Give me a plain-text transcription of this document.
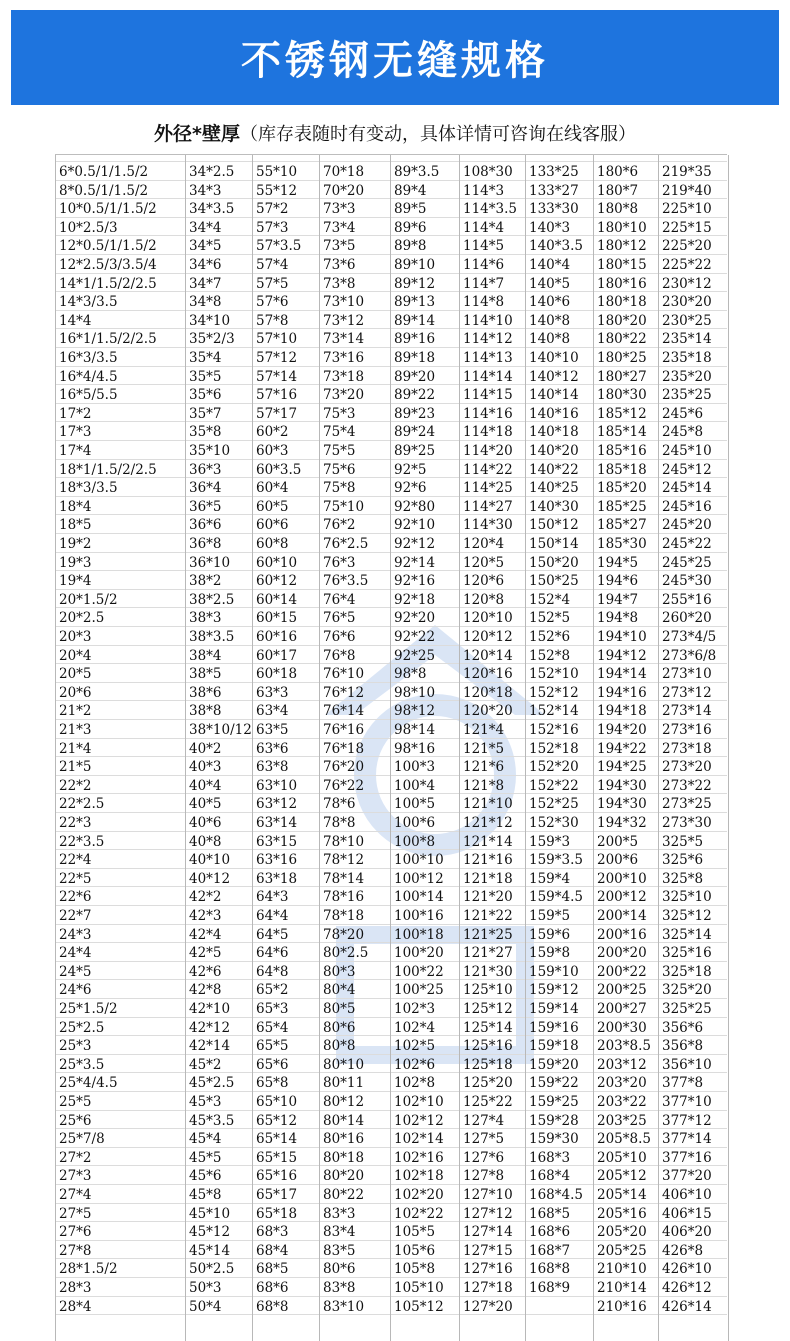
不锈钢无缝规格
外径*壁厚（库存表随时有变动，具体详情可咨询在线客服）
6*0.5/1/1.5/2
8*0.5/1/1.5/2
10*0.5/1/1.5/2
10*2.5/3
12*0.5/1/1.5/2
12*2.5/3/3.5/4
14*1/1.5/2/2.5
14*3/3.5
14*4
16*1/1.5/2/2.5
16*3/3.5
16*4/4.5
16*5/5.5
17*2
17*3
17*4
18*1/1.5/2/2.5
18*3/3.5
18*4
18*5
19*2
19*3
19*4
20*1.5/2
20*2.5
20*3
20*4
20*5
20*6
21*2
21*3
21*4
21*5
22*2
22*2.5
22*3
22*3.5
22*4
22*5
22*6
22*7
24*3
24*4
24*5
24*6
25*1.5/2
25*2.5
25*3
25*3.5
25*4/4.5
25*5
25*6
25*7/8
27*2
27*3
27*4
27*5
27*6
27*8
28*1.5/2
28*3
28*4
34*2.5
34*3
34*3.5
34*4
34*5
34*6
34*7
34*8
34*10
35*2/3
35*4
35*5
35*6
35*7
35*8
35*10
36*3
36*4
36*5
36*6
36*8
36*10
38*2
38*2.5
38*3
38*3.5
38*4
38*5
38*6
38*8
38*10/12
40*2
40*3
40*4
40*5
40*6
40*8
40*10
40*12
42*2
42*3
42*4
42*5
42*6
42*8
42*10
42*12
42*14
45*2
45*2.5
45*3
45*3.5
45*4
45*5
45*6
45*8
45*10
45*12
45*14
50*2.5
50*3
50*4
55*10
55*12
57*2
57*3
57*3.5
57*4
57*5
57*6
57*8
57*10
57*12
57*14
57*16
57*17
60*2
60*3
60*3.5
60*4
60*5
60*6
60*8
60*10
60*12
60*14
60*15
60*16
60*17
60*18
63*3
63*4
63*5
63*6
63*8
63*10
63*12
63*14
63*15
63*16
63*18
64*3
64*4
64*5
64*6
64*8
65*2
65*3
65*4
65*5
65*6
65*8
65*10
65*12
65*14
65*15
65*16
65*17
65*18
68*3
68*4
68*5
68*6
68*8
70*18
70*20
73*3
73*4
73*5
73*6
73*8
73*10
73*12
73*14
73*16
73*18
73*20
75*3
75*4
75*5
75*6
75*8
75*10
76*2
76*2.5
76*3
76*3.5
76*4
76*5
76*6
76*8
76*10
76*12
76*14
76*16
76*18
76*20
76*22
78*6
78*8
78*10
78*12
78*14
78*16
78*18
78*20
80*2.5
80*3
80*4
80*5
80*6
80*8
80*10
80*11
80*12
80*14
80*16
80*18
80*20
80*22
83*3
83*4
83*5
80*6
83*8
83*10
89*3.5
89*4
89*5
89*6
89*8
89*10
89*12
89*13
89*14
89*16
89*18
89*20
89*22
89*23
89*24
89*25
92*5
92*6
92*80
92*10
92*12
92*14
92*16
92*18
92*20
92*22
92*25
98*8
98*10
98*12
98*14
98*16
100*3
100*4
100*5
100*6
100*8
100*10
100*12
100*14
100*16
100*18
100*20
100*22
100*25
102*3
102*4
102*5
102*6
102*8
102*10
102*12
102*14
102*16
102*18
102*20
102*22
105*5
105*6
105*8
105*10
105*12
108*30
114*3
114*3.5
114*4
114*5
114*6
114*7
114*8
114*10
114*12
114*13
114*14
114*15
114*16
114*18
114*20
114*22
114*25
114*27
114*30
120*4
120*5
120*6
120*8
120*10
120*12
120*14
120*16
120*18
120*20
121*4
121*5
121*6
121*8
121*10
121*12
121*14
121*16
121*18
121*20
121*22
121*25
121*27
121*30
125*10
125*12
125*14
125*16
125*18
125*20
125*22
127*4
127*5
127*6
127*8
127*10
127*12
127*14
127*15
127*16
127*18
127*20
133*25
133*27
133*30
140*3
140*3.5
140*4
140*5
140*6
140*8
140*8
140*10
140*12
140*14
140*16
140*18
140*20
140*22
140*25
140*30
150*12
150*14
150*20
150*25
152*4
152*5
152*6
152*8
152*10
152*12
152*14
152*16
152*18
152*20
152*22
152*25
152*30
159*3
159*3.5
159*4
159*4.5
159*5
159*6
159*8
159*10
159*12
159*14
159*16
159*18
159*20
159*22
159*25
159*28
159*30
168*3
168*4
168*4.5
168*5
168*6
168*7
168*8
168*9
180*6
180*7
180*8
180*10
180*12
180*15
180*16
180*18
180*20
180*22
180*25
180*27
180*30
185*12
185*14
185*16
185*18
185*20
185*25
185*27
185*30
194*5
194*6
194*7
194*8
194*10
194*12
194*14
194*16
194*18
194*20
194*22
194*25
194*30
194*30
194*32
200*5
200*6
200*10
200*12
200*14
200*16
200*20
200*22
200*25
200*27
200*30
203*8.5
203*12
203*20
203*22
203*25
205*8.5
205*10
205*12
205*14
205*16
205*20
205*25
210*10
210*14
210*16
219*35
219*40
225*10
225*15
225*20
225*22
230*12
230*20
230*25
235*14
235*18
235*20
235*25
245*6
245*8
245*10
245*12
245*14
245*16
245*20
245*22
245*25
245*30
255*16
260*20
273*4/5
273*6/8
273*10
273*12
273*14
273*16
273*18
273*20
273*22
273*25
273*30
325*5
325*6
325*8
325*10
325*12
325*14
325*16
325*18
325*20
325*25
356*6
356*8
356*10
377*8
377*10
377*12
377*14
377*16
377*20
406*10
406*15
406*20
426*8
426*10
426*12
426*14
